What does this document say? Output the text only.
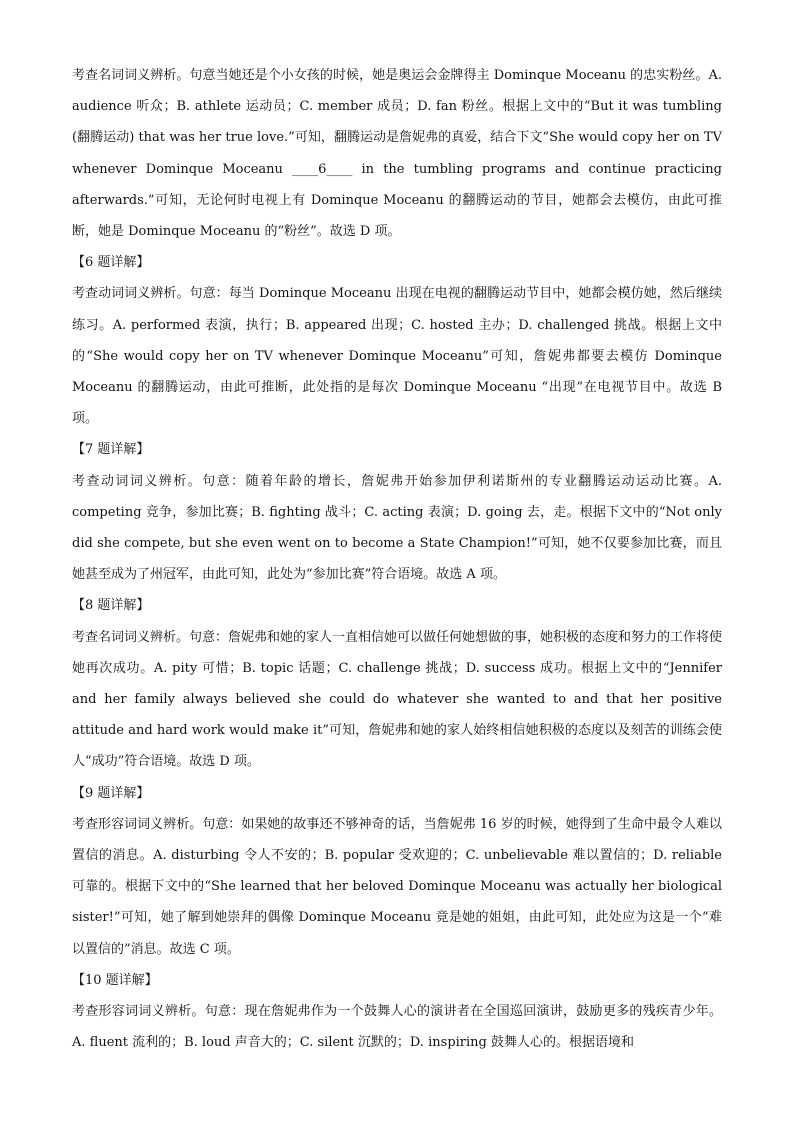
考查名词词义辨析。句意当她还是个小女孩的时候，她是奥运会金牌得主 Dominque Moceanu 的忠实粉丝。A. audience 听众；B. athlete 运动员；C. member 成员；D. fan 粉丝。根据上文中的“But it was tumbling (翻腾运动) that was her true love.”可知，翻腾运动是詹妮弗的真爱，结合下文“She would copy her on TV whenever Dominque Moceanu ____6____ in the tumbling programs and continue practicing afterwards.”可知，无论何时电视上有 Dominque Moceanu 的翻腾运动的节目，她都会去模仿，由此可推断，她是 Dominque Moceanu 的“粉丝”。故选 D 项。

【6 题详解】

考查动词词义辨析。句意：每当 Dominque Moceanu 出现在电视的翻腾运动节目中，她都会模仿她，然后继续练习。A. performed 表演，执行；B. appeared 出现；C. hosted 主办；D. challenged 挑战。根据上文中的“She would copy her on TV whenever Dominque Moceanu”可知，詹妮弗都要去模仿 Dominque Moceanu 的翻腾运动，由此可推断，此处指的是每次 Dominque Moceanu “出现”在电视节目中。故选 B 项。

【7 题详解】

考查动词词义辨析。句意：随着年龄的增长，詹妮弗开始参加伊利诺斯州的专业翻腾运动运动比赛。A. competing 竞争，参加比赛；B. fighting 战斗；C. acting 表演；D. going 去，走。根据下文中的“Not only did she compete, but she even went on to become a State Champion!”可知，她不仅要参加比赛，而且她甚至成为了州冠军，由此可知，此处为“参加比赛”符合语境。故选 A 项。

【8 题详解】

考查名词词义辨析。句意：詹妮弗和她的家人一直相信她可以做任何她想做的事，她积极的态度和努力的工作将使她再次成功。A. pity 可惜；B. topic 话题；C. challenge 挑战；D. success 成功。根据上文中的“Jennifer and her family always believed she could do whatever she wanted to and that her positive attitude and hard work would make it”可知，詹妮弗和她的家人始终相信她积极的态度以及刻苦的训练会使人“成功”符合语境。故选 D 项。

【9 题详解】

考查形容词词义辨析。句意：如果她的故事还不够神奇的话，当詹妮弗 16 岁的时候，她得到了生命中最令人难以置信的消息。A. disturbing 令人不安的；B. popular 受欢迎的；C. unbelievable 难以置信的；D. reliable 可靠的。根据下文中的“She learned that her beloved Dominque Moceanu was actually her biological sister!”可知，她了解到她崇拜的偶像 Dominque Moceanu 竟是她的姐姐，由此可知，此处应为这是一个“难以置信的”消息。故选 C 项。

【10 题详解】

考查形容词词义辨析。句意：现在詹妮弗作为一个鼓舞人心的演讲者在全国巡回演讲，鼓励更多的残疾青少年。A. fluent 流利的；B. loud 声音大的；C. silent 沉默的；D. inspiring 鼓舞人心的。根据语境和
